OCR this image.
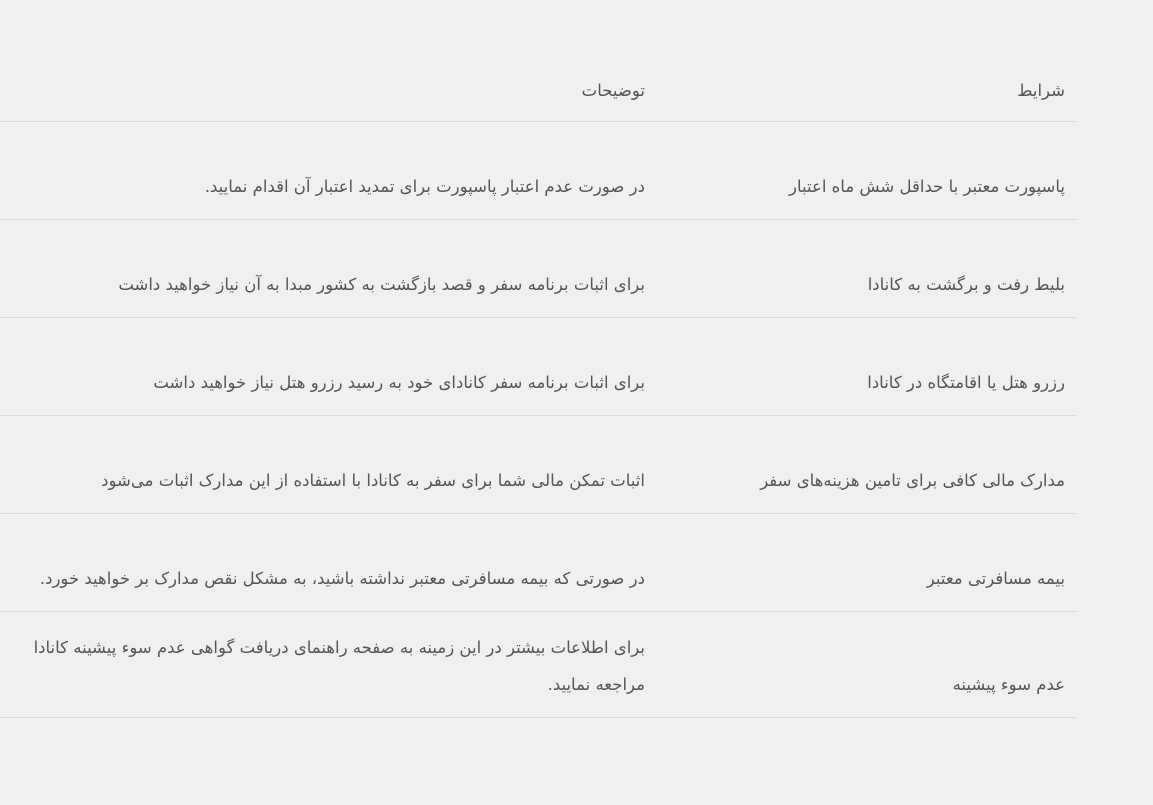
شرایط	توضیحات
پاسپورت معتبر با حداقل شش ماه اعتبار	در صورت عدم اعتبار پاسپورت برای تمدید اعتبار آن اقدام نمایید.
بلیط رفت و برگشت به کانادا	برای اثبات برنامه سفر و قصد بازگشت به کشور مبدا به آن نیاز خواهید داشت
رزرو هتل یا اقامتگاه در کانادا	برای اثبات برنامه سفر کانادای خود به رسید رزرو هتل نیاز خواهید داشت
مدارک مالی کافی برای تامین هزینه‌های سفر	اثبات تمکن مالی شما برای سفر به کانادا با استفاده از این مدارک اثبات می‌شود
بیمه مسافرتی معتبر	در صورتی که بیمه مسافرتی معتبر نداشته باشید، به مشکل نقص مدارک بر خواهید خورد.
عدم سوء پیشینه	برای اطلاعات بیشتر در این زمینه به صفحه راهنمای دریافت گواهی عدم سوء پیشینه کانادا مراجعه نمایید.
